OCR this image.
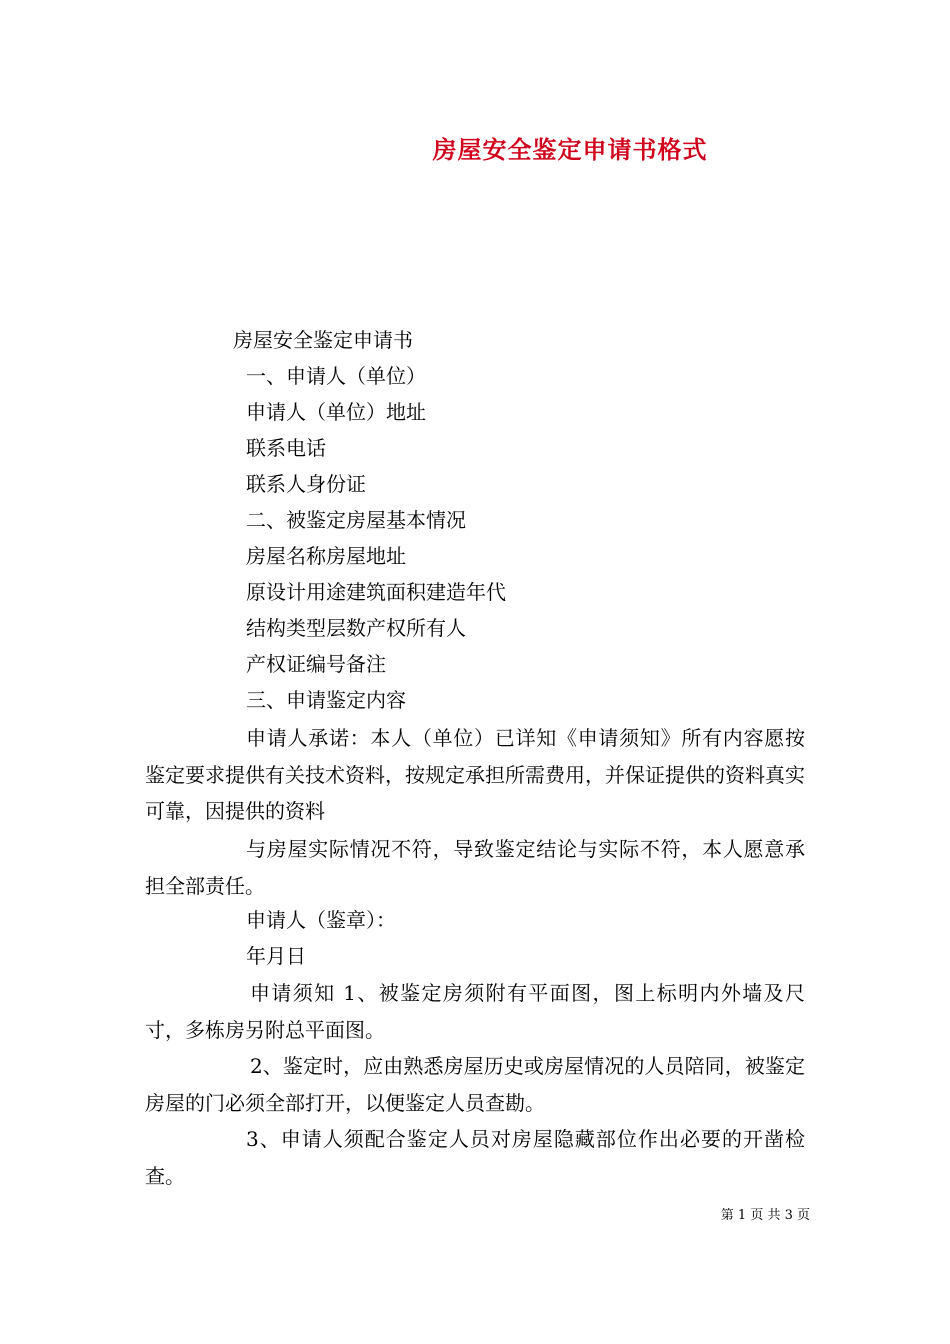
房屋安全鉴定申请书格式
房屋安全鉴定申请书
一、申请人（单位）
申请人（单位）地址
联系电话
联系人身份证
二、被鉴定房屋基本情况
房屋名称房屋地址
原设计用途建筑面积建造年代
结构类型层数产权所有人
产权证编号备注
三、申请鉴定内容
申请人承诺：本人（单位）已详知《申请须知》所有内容愿按鉴定要求提供有关技术资料，按规定承担所需费用，并保证提供的资料真实可靠，因提供的资料
与房屋实际情况不符，导致鉴定结论与实际不符，本人愿意承担全部责任。
申请人（鉴章）：
年月日
申请须知 1、被鉴定房须附有平面图，图上标明内外墙及尺寸，多栋房另附总平面图。
2、鉴定时，应由熟悉房屋历史或房屋情况的人员陪同，被鉴定房屋的门必须全部打开，以便鉴定人员查勘。
3、申请人须配合鉴定人员对房屋隐藏部位作出必要的开凿检查。
第 1 页 共 3 页
